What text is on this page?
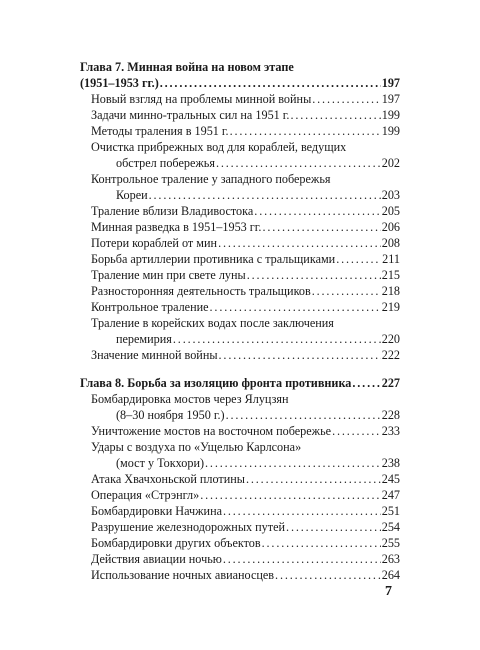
Глава 7. Минная война на новом этапе
(1951–1953 гг.) . . .	197
Новый взгляд на проблемы минной войны . . .	197
Задачи минно-тральных сил на 1951 г. . . .	199
Методы траления в 1951 г. . . .	199
Очистка прибрежных вод для кораблей, ведущих
обстрел побережья . . .	202
Контрольное траление у западного побережья
Кореи . . .	203
Траление вблизи Владивостока . . .	205
Минная разведка в 1951–1953 гг. . . .	206
Потери кораблей от мин . . .	208
Борьба артиллерии противника с тральщиками . . .	211
Траление мин при свете луны . . .	215
Разносторонняя деятельность тральщиков . . .	218
Контрольное траление . . .	219
Траление в корейских водах после заключения
перемирия . . .	220
Значение минной войны . . .	222
Глава 8. Борьба за изоляцию фронта противника . . . 227
Бомбардировка мостов через Ялуцзян
(8–30 ноября 1950 г.) . . .	228
Уничтожение мостов на восточном побережье . . .	233
Удары с воздуха по «Ущелью Карлсона»
(мост у Токхори) . . .	238
Атака Хвачхоньской плотины . . .	245
Операция «Стрэнгл» . . .	247
Бомбардировки Начжина . . .	251
Разрушение железнодорожных путей . . .	254
Бомбардировки других объектов . . .	255
Действия авиации ночью . . .	263
Использование ночных авианосцев . . .	264
7
